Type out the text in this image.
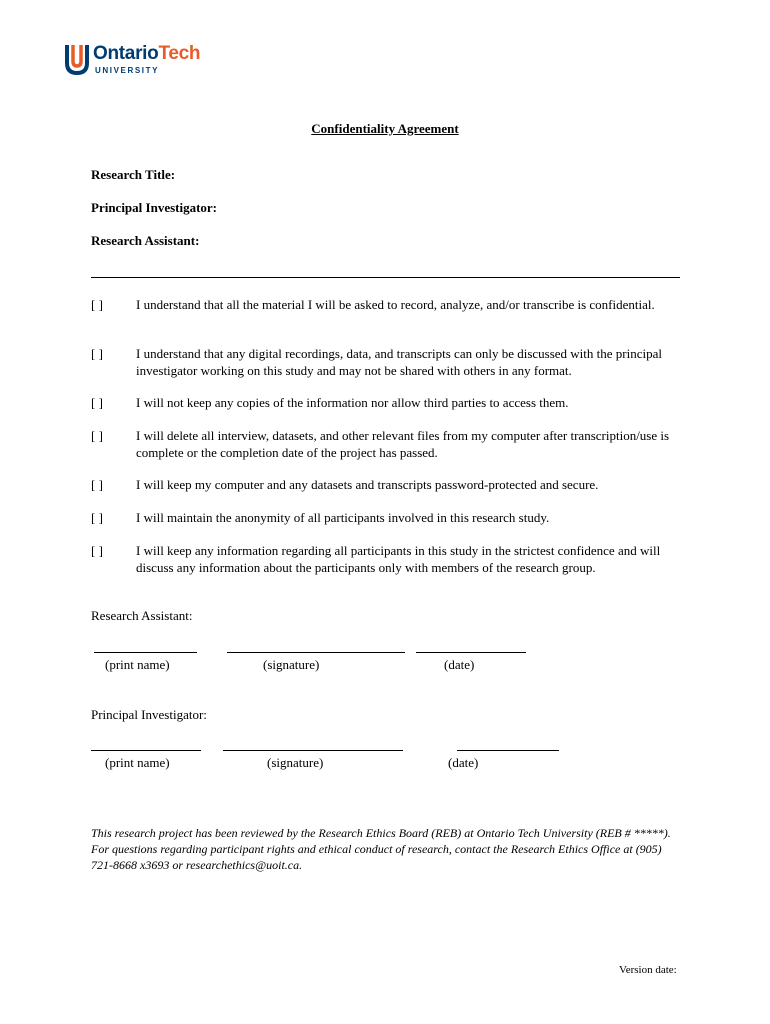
OntarioTech
UNIVERSITY
Confidentiality Agreement
Research Title:
Principal Investigator:
Research Assistant:
[ ]	I understand that all the material I will be asked to record, analyze, and/or transcribe is confidential.
[ ]	I understand that any digital recordings, data, and transcripts can only be discussed with the principal investigator working on this study and may not be shared with others in any format.
[ ]	I will not keep any copies of the information nor allow third parties to access them.
[ ]	I will delete all interview, datasets, and other relevant files from my computer after transcription/use is complete or the completion date of the project has passed.
[ ]	I will keep my computer and any datasets and transcripts password-protected and secure.
[ ]	I will maintain the anonymity of all participants involved in this research study.
[ ]	I will keep any information regarding all participants in this study in the strictest confidence and will discuss any information about the participants only with members of the research group.
Research Assistant:
(print name)	(signature)	(date)
Principal Investigator:
(print name)	(signature)	(date)
This research project has been reviewed by the Research Ethics Board (REB) at Ontario Tech University (REB # *****). For questions regarding participant rights and ethical conduct of research, contact the Research Ethics Office at (905) 721-8668 x3693 or researchethics@uoit.ca.
Version date:
